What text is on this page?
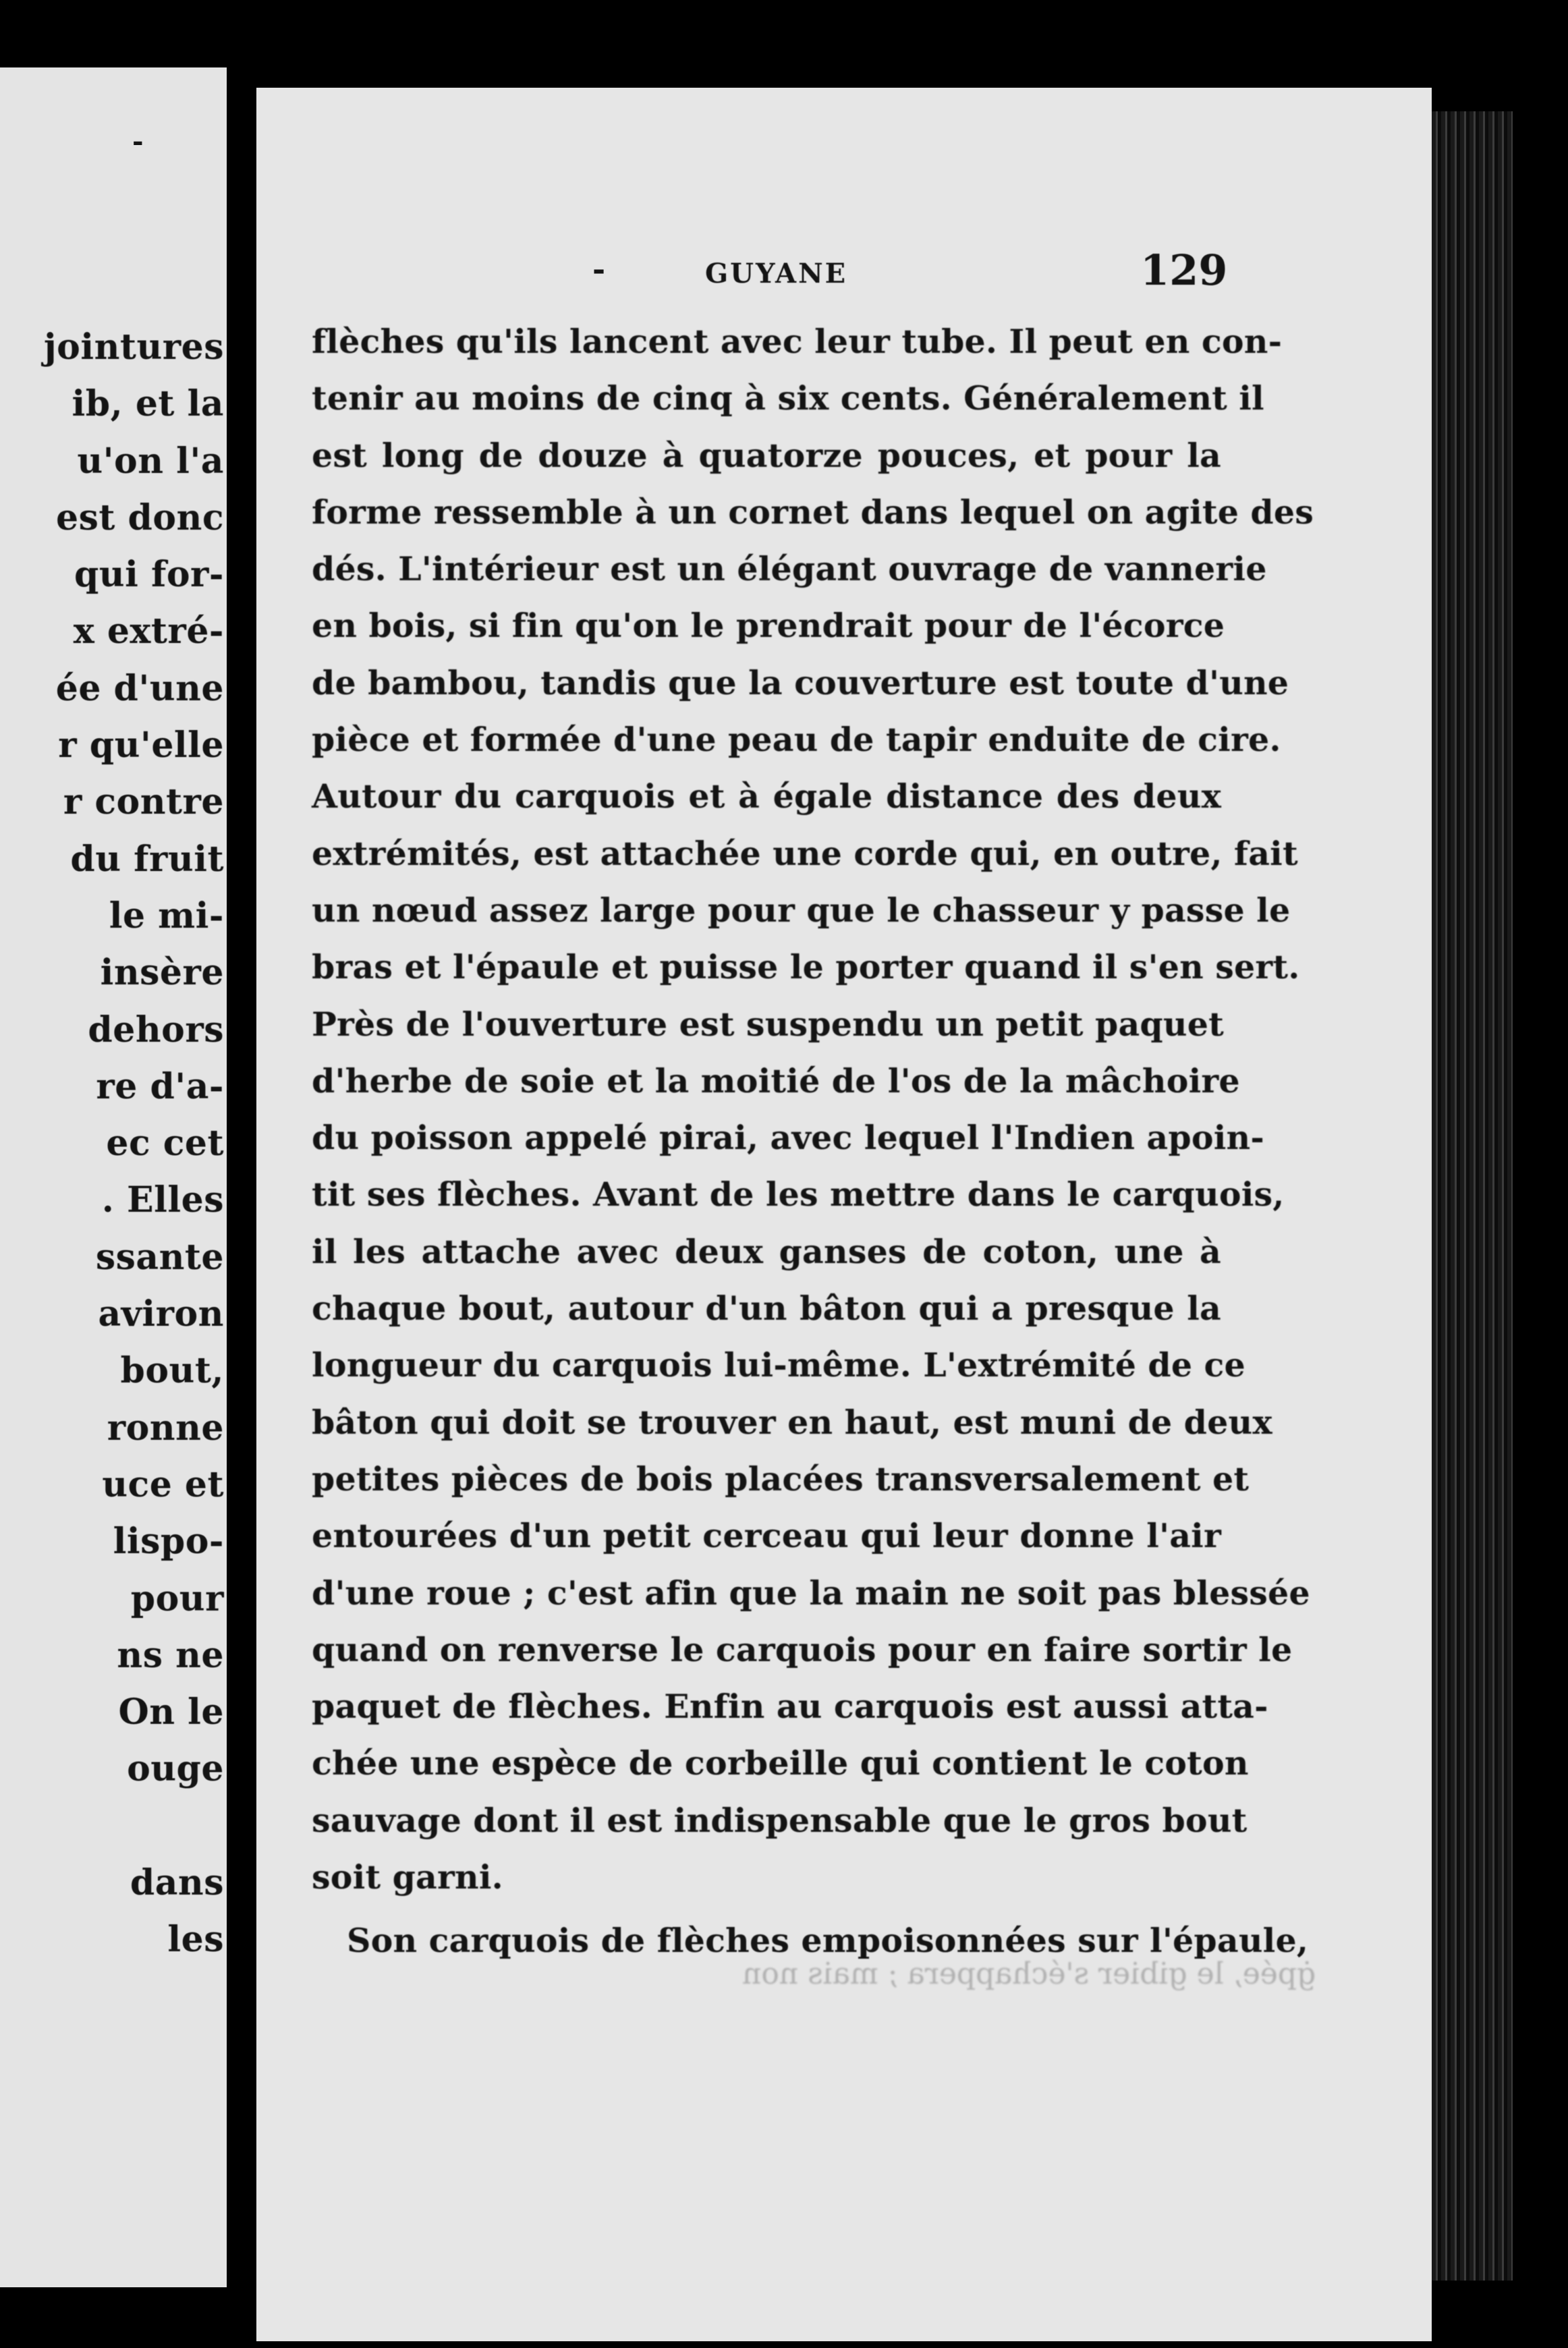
-
jointures
ib, et la
u'on l'a
est donc
qui for-
x extré-
ée d'une
r qu'elle
r contre
du fruit
le mi-
insère
dehors
re d'a-
ec cet
. Elles
ssante
aviron
bout,
ronne
uce et
lispo-
pour
ns ne
On le
ouge
dans
les
-	GUYANE	129
flèches qu'ils lancent avec leur tube. Il peut en con-
tenir au moins de cinq à six cents. Généralement il
est long de douze à quatorze pouces, et pour la
forme ressemble à un cornet dans lequel on agite des
dés. L'intérieur est un élégant ouvrage de vannerie
en bois, si fin qu'on le prendrait pour de l'écorce
de bambou, tandis que la couverture est toute d'une
pièce et formée d'une peau de tapir enduite de cire.
Autour du carquois et à égale distance des deux
extrémités, est attachée une corde qui, en outre, fait
un nœud assez large pour que le chasseur y passe le
bras et l'épaule et puisse le porter quand il s'en sert.
Près de l'ouverture est suspendu un petit paquet
d'herbe de soie et la moitié de l'os de la mâchoire
du poisson appelé pirai, avec lequel l'Indien apoin-
tit ses flèches. Avant de les mettre dans le carquois,
il les attache avec deux ganses de coton, une à
chaque bout, autour d'un bâton qui a presque la
longueur du carquois lui-même. L'extrémité de ce
bâton qui doit se trouver en haut, est muni de deux
petites pièces de bois placées transversalement et
entourées d'un petit cerceau qui leur donne l'air
d'une roue ; c'est afin que la main ne soit pas blessée
quand on renverse le carquois pour en faire sortir le
paquet de flèches. Enfin au carquois est aussi atta-
chée une espèce de corbeille qui contient le coton
sauvage dont il est indispensable que le gros bout
soit garni.
Son carquois de flèches empoisonnées sur l'épaule,
ġpée, le gibier s'échappera ; mais non
